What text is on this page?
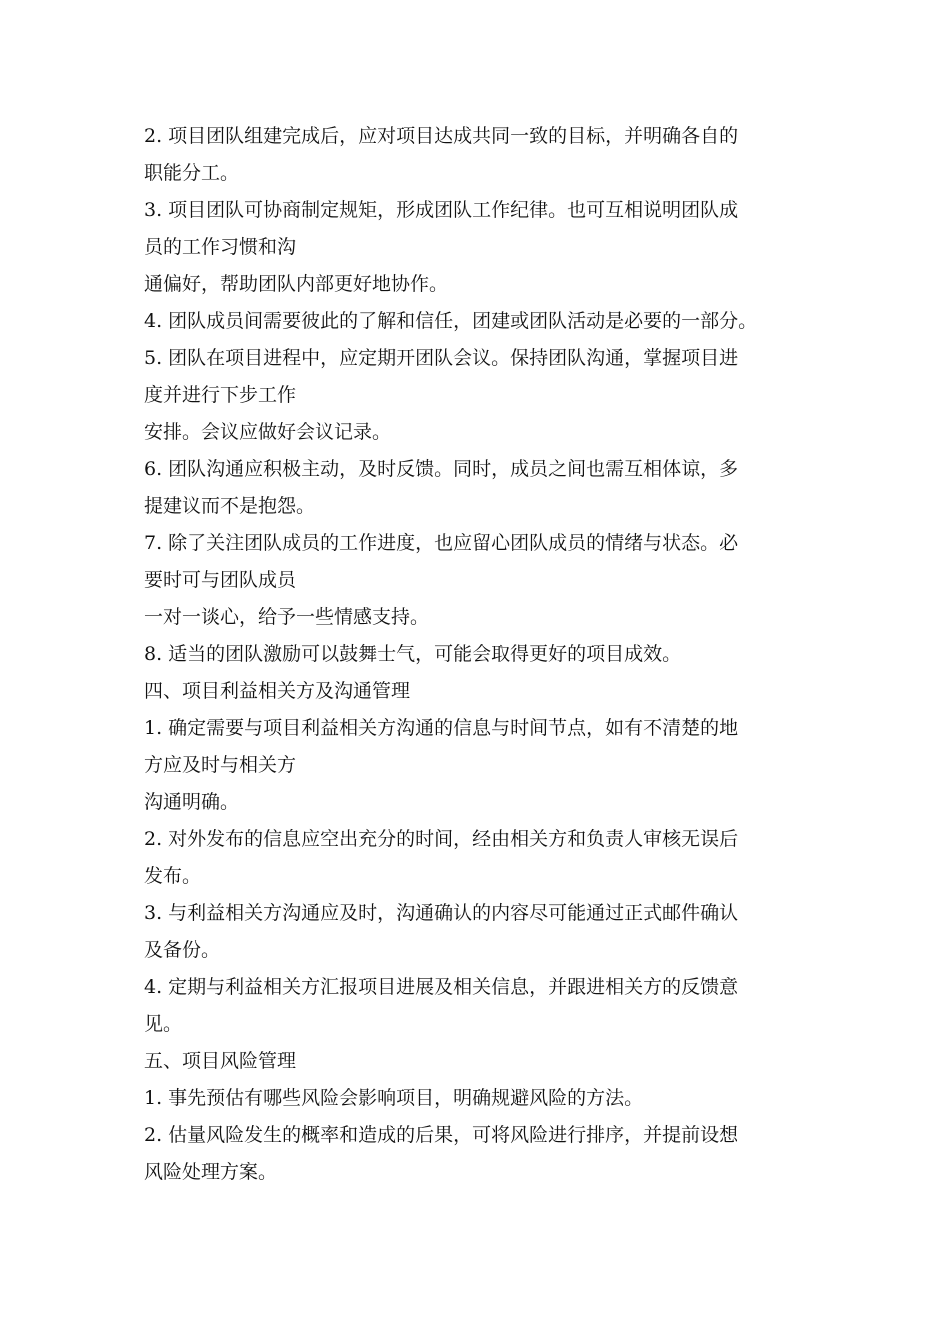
2. 项目团队组建完成后，应对项目达成共同一致的目标，并明确各自的
职能分工。
3. 项目团队可协商制定规矩，形成团队工作纪律。也可互相说明团队成
员的工作习惯和沟
通偏好，帮助团队内部更好地协作。
4. 团队成员间需要彼此的了解和信任，团建或团队活动是必要的一部分。
5. 团队在项目进程中，应定期开团队会议。保持团队沟通，掌握项目进
度并进行下步工作
安排。会议应做好会议记录。
6. 团队沟通应积极主动，及时反馈。同时，成员之间也需互相体谅，多
提建议而不是抱怨。
7. 除了关注团队成员的工作进度，也应留心团队成员的情绪与状态。必
要时可与团队成员
一对一谈心，给予一些情感支持。
8. 适当的团队激励可以鼓舞士气，可能会取得更好的项目成效。
四、项目利益相关方及沟通管理
1. 确定需要与项目利益相关方沟通的信息与时间节点，如有不清楚的地
方应及时与相关方
沟通明确。
2. 对外发布的信息应空出充分的时间，经由相关方和负责人审核无误后
发布。
3. 与利益相关方沟通应及时，沟通确认的内容尽可能通过正式邮件确认
及备份。
4. 定期与利益相关方汇报项目进展及相关信息，并跟进相关方的反馈意
见。
五、项目风险管理
1. 事先预估有哪些风险会影响项目，明确规避风险的方法。
2. 估量风险发生的概率和造成的后果，可将风险进行排序，并提前设想
风险处理方案。
